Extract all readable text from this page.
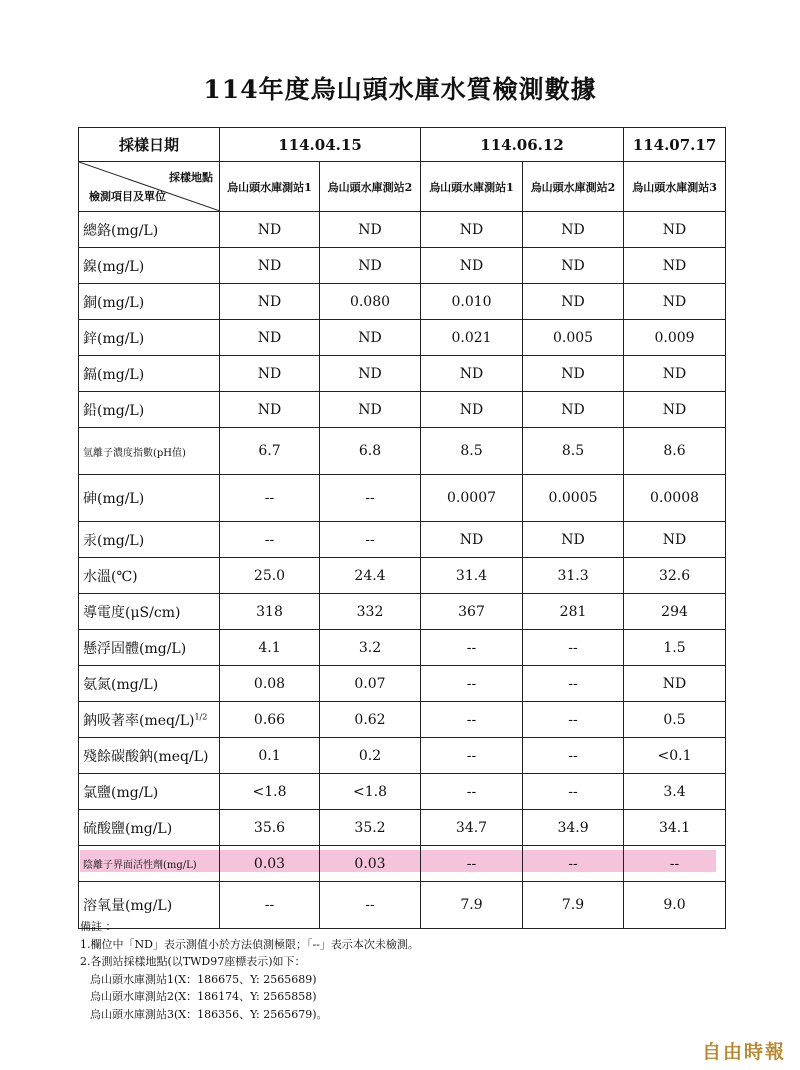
114年度烏山頭水庫水質檢測數據
採樣日期	114.04.15		114.06.12		114.07.17

採樣地點
檢測項目及單位	烏山頭水庫測站1	烏山頭水庫測站2	烏山頭水庫測站1	烏山頭水庫測站2	烏山頭水庫測站3
總鉻(mg/L)	ND	ND	ND	ND	ND
鎳(mg/L)	ND	ND	ND	ND	ND
銅(mg/L)	ND	0.080	0.010	ND	ND
鋅(mg/L)	ND	ND	0.021	0.005	0.009
鎘(mg/L)	ND	ND	ND	ND	ND
鉛(mg/L)	ND	ND	ND	ND	ND
氫離子濃度指數(pH值)	6.7	6.8	8.5	8.5	8.6
砷(mg/L)	--	--	0.0007	0.0005	0.0008
汞(mg/L)	--	--	ND	ND	ND
水溫(℃)	25.0	24.4	31.4	31.3	32.6
導電度(μS/cm)	318	332	367	281	294
懸浮固體(mg/L)	4.1	3.2	--	--	1.5
氨氮(mg/L)	0.08	0.07	--	--	ND
鈉吸著率$(meq/L)^{1/2}$	0.66	0.62	--	--	0.5
殘餘碳酸鈉(meq/L)	0.1	0.2	--	--	<0.1
氯鹽(mg/L)	<1.8	<1.8	--	--	3.4
硫酸鹽(mg/L)	35.6	35.2	34.7	34.9	34.1
陰離子界面活性劑(mg/L)	0.03	0.03	--	--	--
溶氧量(mg/L)	--	--	7.9	7.9	9.0
備註 ：
1.欄位中「ND」表示測值小於方法偵測極限；「--」表示本次未檢測。
2.各測站採樣地點(以TWD97座標表示)如下：
烏山頭水庫測站1(X：186675、Y: 2565689)
烏山頭水庫測站2(X：186174、Y: 2565858)
烏山頭水庫測站3(X：186356、Y: 2565679)。
自由時報
